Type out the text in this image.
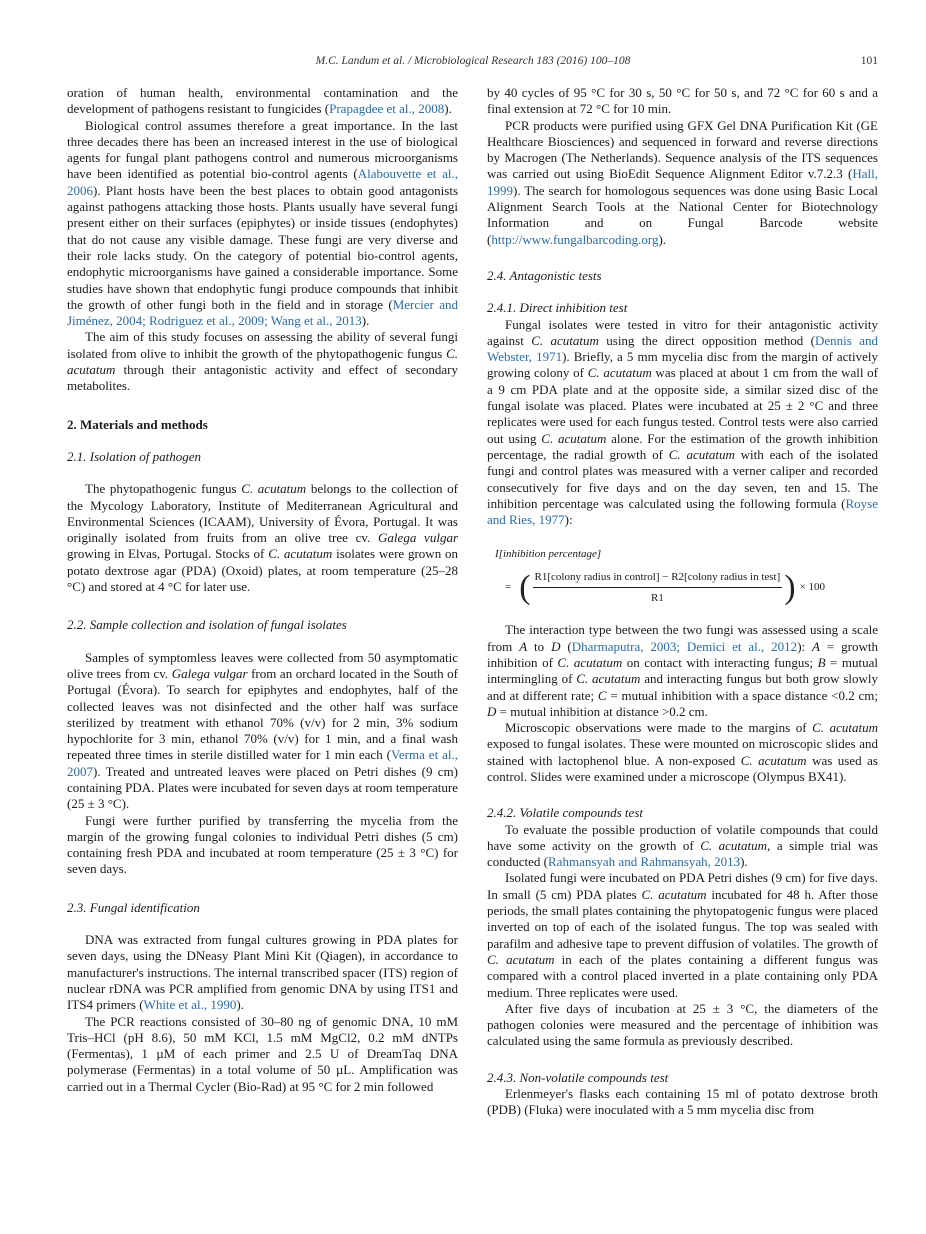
M.C. Landum et al. / Microbiological Research 183 (2016) 100–108	101

oration of human health, environmental contamination and the development of pathogens resistant to fungicides (Prapagdee et al., 2008).

Biological control assumes therefore a great importance. In the last three decades there has been an increased interest in the use of biological agents for fungal plant pathogens control and numerous microorganisms have been identified as potential bio-control agents (Alabouvette et al., 2006). Plant hosts have been the best places to obtain good antagonists against pathogens attacking those hosts. Plants usually have several fungi present either on their surfaces (epiphytes) or inside tissues (endophytes) that do not cause any visible damage. These fungi are very diverse and their role lacks study. On the category of potential bio-control agents, endophytic microorganisms have gained a considerable importance. Some studies have shown that endophytic fungi produce compounds that inhibit the growth of other fungi both in the field and in storage (Mercier and Jiménez, 2004; Rodriguez et al., 2009; Wang et al., 2013).

The aim of this study focuses on assessing the ability of several fungi isolated from olive to inhibit the growth of the phytopathogenic fungus C. acutatum through their antagonistic activity and effect of secondary metabolites.

2. Materials and methods
2.1. Isolation of pathogen

The phytopathogenic fungus C. acutatum belongs to the collection of the Mycology Laboratory, Institute of Mediterranean Agricultural and Environmental Sciences (ICAAM), University of Évora, Portugal. It was originally isolated from fruits from an olive tree cv. Galega vulgar growing in Elvas, Portugal. Stocks of C. acutatum isolates were grown on potato dextrose agar (PDA) (Oxoid) plates, at room temperature (25–28 °C) and stored at 4 °C for later use.

2.2. Sample collection and isolation of fungal isolates

Samples of symptomless leaves were collected from 50 asymptomatic olive trees from cv. Galega vulgar from an orchard located in the South of Portugal (Évora). To search for epiphytes and endophytes, half of the collected leaves was not disinfected and the other half was surface sterilized by treatment with ethanol 70% (v/v) for 2 min, 3% sodium hypochlorite for 3 min, ethanol 70% (v/v) for 1 min, and a final wash repeated three times in sterile distilled water for 1 min each (Verma et al., 2007). Treated and untreated leaves were placed on Petri dishes (9 cm) containing PDA. Plates were incubated for seven days at room temperature (25 ± 3 °C).

Fungi were further purified by transferring the mycelia from the margin of the growing fungal colonies to individual Petri dishes (5 cm) containing fresh PDA and incubated at room temperature (25 ± 3 °C) for seven days.

2.3. Fungal identification

DNA was extracted from fungal cultures growing in PDA plates for seven days, using the DNeasy Plant Mini Kit (Qiagen), in accordance to manufacturer's instructions. The internal transcribed spacer (ITS) region of nuclear rDNA was PCR amplified from genomic DNA by using ITS1 and ITS4 primers (White et al., 1990).

The PCR reactions consisted of 30–80 ng of genomic DNA, 10 mM Tris–HCl (pH 8.6), 50 mM KCl, 1.5 mM MgCl2, 0.2 mM dNTPs (Fermentas), 1 µM of each primer and 2.5 U of DreamTaq DNA polymerase (Fermentas) in a total volume of 50 µL. Amplification was carried out in a Thermal Cycler (Bio-Rad) at 95 °C for 2 min followed

by 40 cycles of 95 °C for 30 s, 50 °C for 50 s, and 72 °C for 60 s and a final extension at 72 °C for 10 min.

PCR products were purified using GFX Gel DNA Purification Kit (GE Healthcare Biosciences) and sequenced in forward and reverse directions by Macrogen (The Netherlands). Sequence analysis of the ITS sequences was carried out using BioEdit Sequence Alignment Editor v.7.2.3 (Hall, 1999). The search for homologous sequences was done using Basic Local Alignment Search Tools at the National Center for Biotechnology Information and on Fungal Barcode website (http://www.fungalbarcoding.org).

2.4. Antagonistic tests
2.4.1. Direct inhibition test

Fungal isolates were tested in vitro for their antagonistic activity against C. acutatum using the direct opposition method (Dennis and Webster, 1971). Briefly, a 5 mm mycelia disc from the margin of actively growing colony of C. acutatum was placed at about 1 cm from the wall of a 9 cm PDA plate and at the opposite side, a similar sized disc of the fungal isolate was placed. Plates were incubated at 25 ± 2 °C and three replicates were used for each fungus tested. Control tests were also carried out using C. acutatum alone. For the estimation of the growth inhibition percentage, the radial growth of C. acutatum with each of the isolated fungi and control plates was measured with a verner caliper and recorded consecutively for five days and on the day seven, ten and 15. The inhibition percentage was calculated using the following formula (Royse and Ries, 1977):

I[inhibition percentage]
= ( $\frac{\text{R1[colony radius in control] − R2[colony radius in test]}}{R1}$ ) × 100

The interaction type between the two fungi was assessed using a scale from A to D (Dharmaputra, 2003; Demici et al., 2012): A = growth inhibition of C. acutatum on contact with interacting fungus; B = mutual intermingling of C. acutatum and interacting fungus but both grow slowly and at different rate; C = mutual inhibition with a space distance <0.2 cm; D = mutual inhibition at distance >0.2 cm.

Microscopic observations were made to the margins of C. acutatum exposed to fungal isolates. These were mounted on microscopic slides and stained with lactophenol blue. A non-exposed C. acutatum was used as control. Slides were examined under a microscope (Olympus BX41).

2.4.2. Volatile compounds test

To evaluate the possible production of volatile compounds that could have some activity on the growth of C. acutatum, a simple trial was conducted (Rahmansyah and Rahmansyah, 2013).

Isolated fungi were incubated on PDA Petri dishes (9 cm) for five days. In small (5 cm) PDA plates C. acutatum incubated for 48 h. After those periods, the small plates containing the phytopatogenic fungus were placed inverted on top of each of the isolated fungus. The top was sealed with parafilm and adhesive tape to prevent diffusion of volatiles. The growth of C. acutatum in each of the plates containing a different fungus was compared with a control placed inverted in a plate containing only PDA medium. Three replicates were used.

After five days of incubation at 25 ± 3 °C, the diameters of the pathogen colonies were measured and the percentage of inhibition was calculated using the same formula as previously described.

2.4.3. Non-volatile compounds test

Erlenmeyer's flasks each containing 15 ml of potato dextrose broth (PDB) (Fluka) were inoculated with a 5 mm mycelia disc from
